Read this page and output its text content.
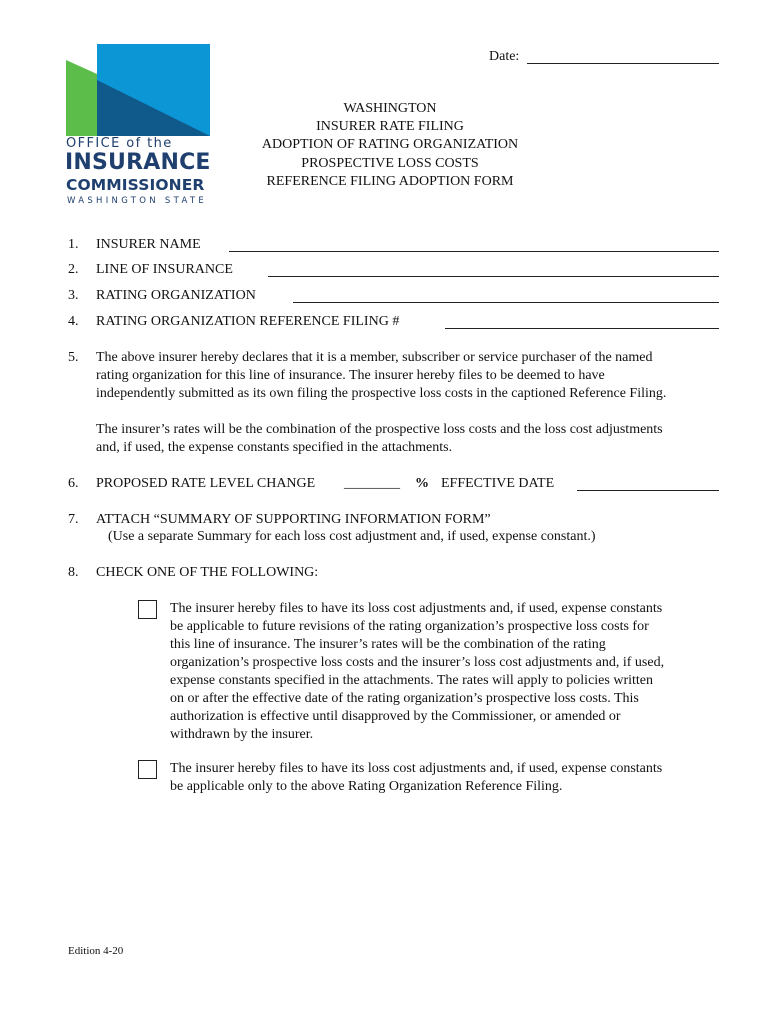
OFFICE of the
INSURANCE
COMMISSIONER
WASHINGTON STATE
Date:
WASHINGTON
INSURER RATE FILING
ADOPTION OF RATING ORGANIZATION
PROSPECTIVE LOSS COSTS
REFERENCE FILING ADOPTION FORM
1. INSURER NAME
2. LINE OF INSURANCE
3. RATING ORGANIZATION
4. RATING ORGANIZATION REFERENCE FILING #
5. The above insurer hereby declares that it is a member, subscriber or service purchaser of the named
rating organization for this line of insurance. The insurer hereby files to be deemed to have
independently submitted as its own filing the prospective loss costs in the captioned Reference Filing.
The insurer’s rates will be the combination of the prospective loss costs and the loss cost adjustments
and, if used, the expense constants specified in the attachments.
6. PROPOSED RATE LEVEL CHANGE ________ % EFFECTIVE DATE
7. ATTACH “SUMMARY OF SUPPORTING INFORMATION FORM”
(Use a separate Summary for each loss cost adjustment and, if used, expense constant.)
8. CHECK ONE OF THE FOLLOWING:
The insurer hereby files to have its loss cost adjustments and, if used, expense constants
be applicable to future revisions of the rating organization’s prospective loss costs for
this line of insurance. The insurer’s rates will be the combination of the rating
organization’s prospective loss costs and the insurer’s loss cost adjustments and, if used,
expense constants specified in the attachments. The rates will apply to policies written
on or after the effective date of the rating organization’s prospective loss costs. This
authorization is effective until disapproved by the Commissioner, or amended or
withdrawn by the insurer.
The insurer hereby files to have its loss cost adjustments and, if used, expense constants
be applicable only to the above Rating Organization Reference Filing.
Edition 4-20
